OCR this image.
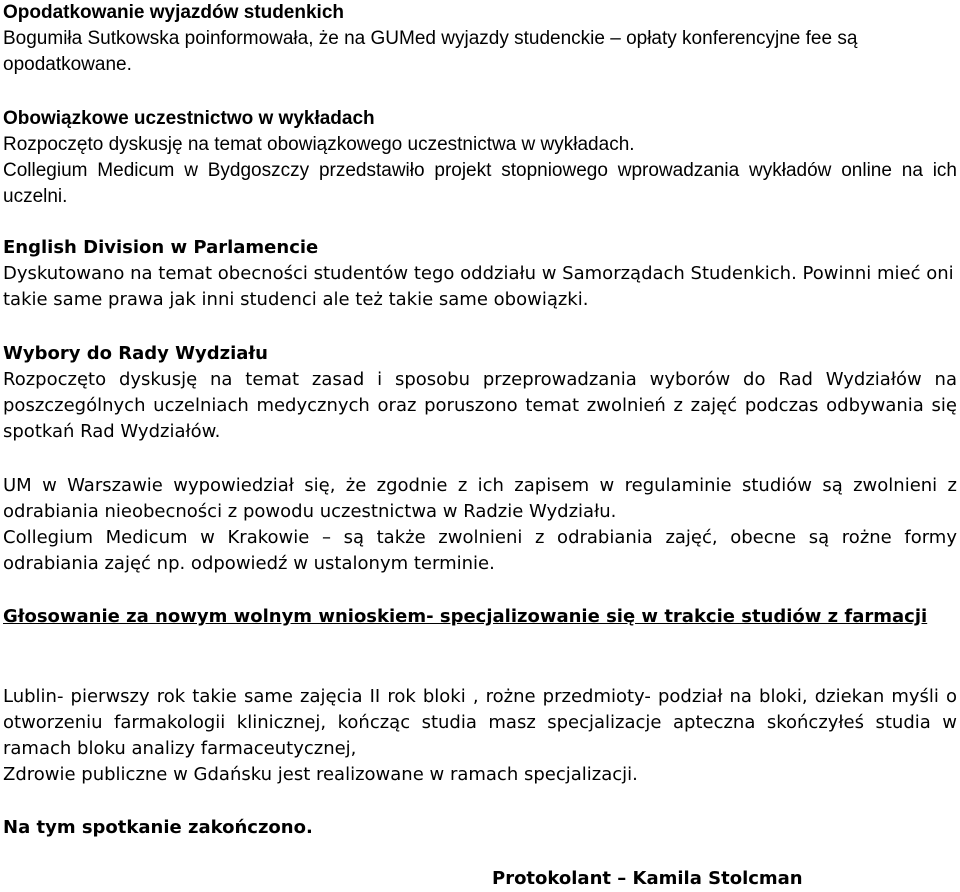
Opodatkowanie wyjazdów studenkich

Bogumiła Sutkowska poinformowała, że na GUMed wyjazdy studenckie – opłaty konferencyjne fee są opodatkowane.

Obowiązkowe uczestnictwo w wykładach

Rozpoczęto dyskusję na temat obowiązkowego uczestnictwa w wykładach.

Collegium Medicum w Bydgoszczy przedstawiło projekt stopniowego wprowadzania wykładów online na ich uczelni.

English Division w Parlamencie

Dyskutowano na temat obecności studentów tego oddziału w Samorządach Studenkich. Powinni mieć oni takie same prawa jak inni studenci ale też takie same obowiązki.

Wybory do Rady Wydziału

Rozpoczęto dyskusję na temat zasad i sposobu przeprowadzania wyborów do Rad Wydziałów na poszczególnych uczelniach medycznych oraz poruszono temat zwolnień z zajęć podczas odbywania się spotkań Rad Wydziałów.

UM w Warszawie wypowiedział się, że zgodnie z ich zapisem w regulaminie studiów są zwolnieni z odrabiania nieobecności z powodu uczestnictwa w Radzie Wydziału.

Collegium Medicum w Krakowie – są także zwolnieni z odrabiania zajęć, obecne są rożne formy odrabiania zajęć np. odpowiedź w ustalonym terminie.

Głosowanie za nowym wolnym wnioskiem- specjalizowanie się w trakcie studiów z farmacji

Lublin- pierwszy rok takie same zajęcia II rok bloki , rożne przedmioty- podział na bloki, dziekan myśli o otworzeniu farmakologii klinicznej, kończąc studia masz specjalizacje apteczna skończyłeś studia w ramach bloku analizy farmaceutycznej,

Zdrowie publiczne w Gdańsku jest realizowane w ramach specjalizacji.

Na tym spotkanie zakończono.

Protokolant – Kamila Stolcman
